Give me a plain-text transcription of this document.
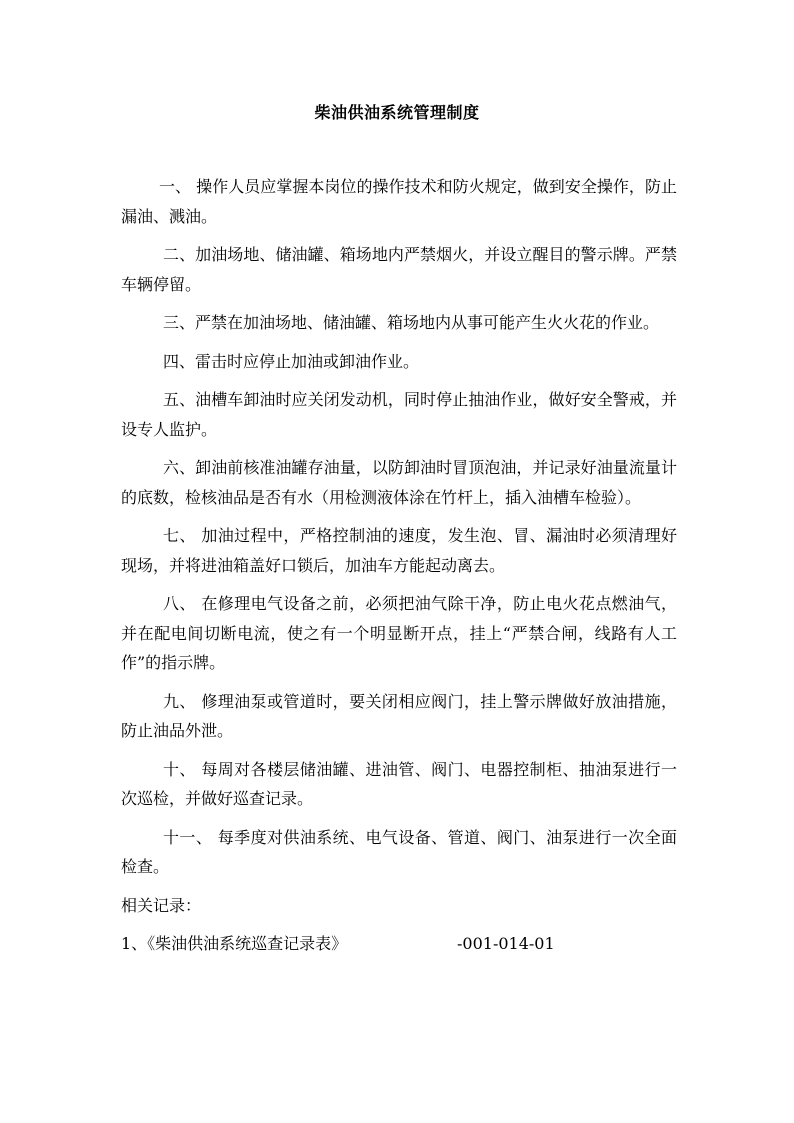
柴油供油系统管理制度

一、 操作人员应掌握本岗位的操作技术和防火规定，做到安全操作，防止漏油、溅油。

二、加油场地、储油罐、箱场地内严禁烟火，并设立醒目的警示牌。严禁车辆停留。

三、严禁在加油场地、储油罐、箱场地内从事可能产生火火花的作业。

四、雷击时应停止加油或卸油作业。

五、油槽车卸油时应关闭发动机，同时停止抽油作业，做好安全警戒，并设专人监护。

六、卸油前核准油罐存油量，以防卸油时冒顶泡油，并记录好油量流量计的底数，检核油品是否有水（用检测液体涂在竹杆上，插入油槽车检验）。

七、 加油过程中，严格控制油的速度，发生泡、冒、漏油时必须清理好现场，并将进油箱盖好口锁后，加油车方能起动离去。

八、 在修理电气设备之前，必须把油气除干净，防止电火花点燃油气，并在配电间切断电流，使之有一个明显断开点，挂上“严禁合闸，线路有人工作”的指示牌。

九、 修理油泵或管道时，要关闭相应阀门，挂上警示牌做好放油措施，防止油品外泄。

十、 每周对各楼层储油罐、进油管、阀门、电器控制柜、抽油泵进行一次巡检，并做好巡查记录。

十一、 每季度对供油系统、电气设备、管道、阀门、油泵进行一次全面检查。

相关记录：

1、《柴油供油系统巡查记录表》	-001-014-01
